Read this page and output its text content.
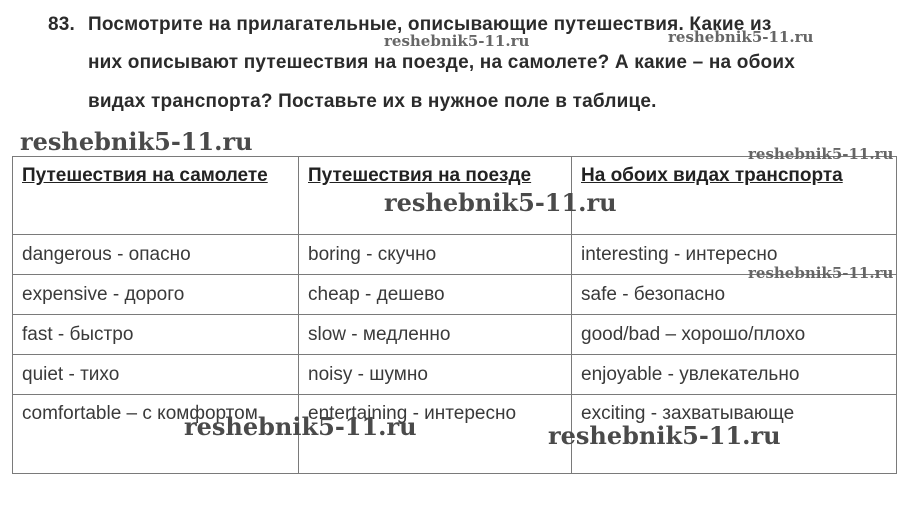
83. Посмотрите на прилагательные, описывающие путешествия. Какие из
них описывают путешествия на поезде, на самолете? А какие – на обоих
видах транспорта? Поставьте их в нужное поле в таблице.
Путешествия на самолете	Путешествия на поезде	На обоих видах транспорта
dangerous - опасно	boring - скучно	interesting - интересно
expensive - дорого	cheap - дешево	safe - безопасно
fast - быстро	slow - медленно	good/bad – хорошо/плохо
quiet - тихо	noisy - шумно	enjoyable - увлекательно
comfortable – с комфортом	entertaining - интересно	exciting - захватывающе
reshebnik5-11.ru	reshebnik5-11.ru
reshebnik5-11.ru	reshebnik5-11.ru
reshebnik5-11.ru
reshebnik5-11.ru
reshebnik5-11.ru	reshebnik5-11.ru
